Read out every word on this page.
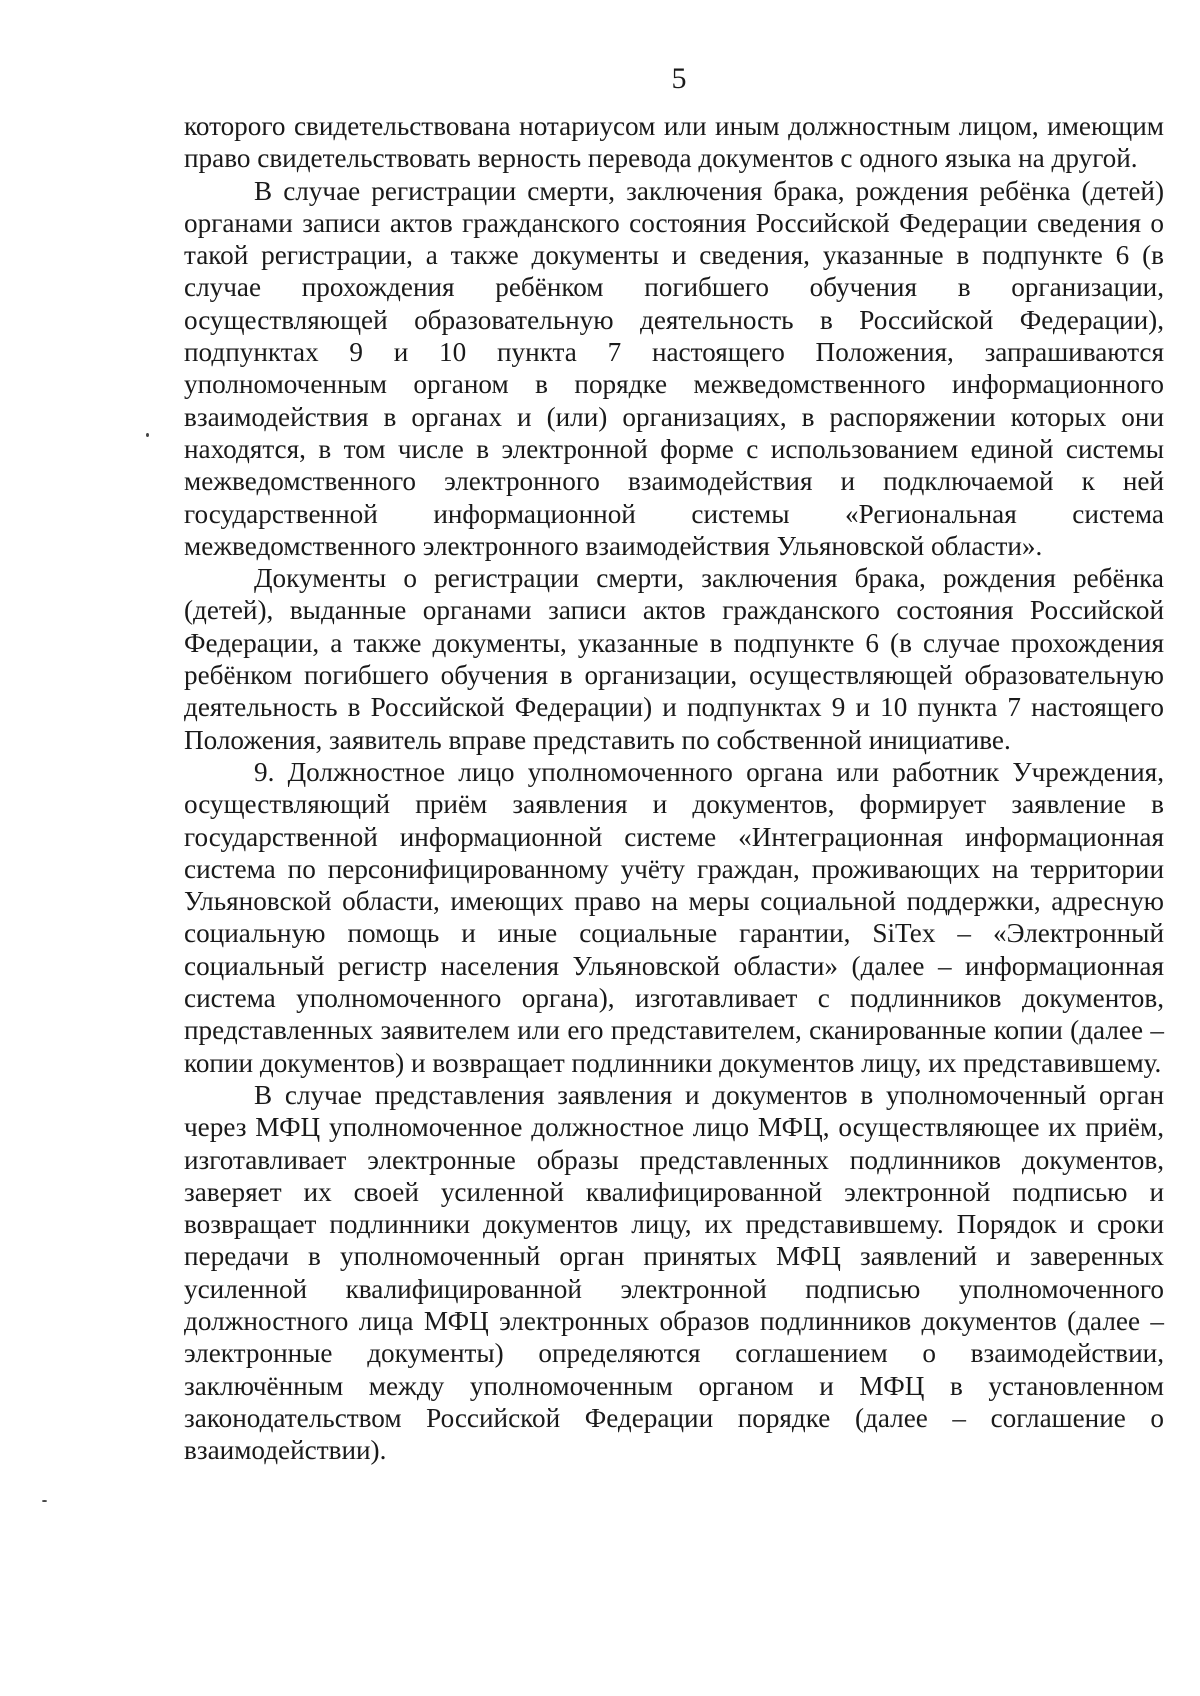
5

которого свидетельствована нотариусом или иным должностным лицом, имеющим право свидетельствовать верность перевода документов с одного языка на другой.

В случае регистрации смерти, заключения брака, рождения ребёнка (детей) органами записи актов гражданского состояния Российской Федерации сведения о такой регистрации, а также документы и сведения, указанные в подпункте 6 (в случае прохождения ребёнком погибшего обучения в организации, осуществляющей образовательную деятельность в Российской Федерации), подпунктах 9 и 10 пункта 7 настоящего Положения, запрашиваются уполномоченным органом в порядке межведомственного информационного взаимодействия в органах и (или) организациях, в распоряжении которых они находятся, в том числе в электронной форме с использованием единой системы межведомственного электронного взаимодействия и подключаемой к ней государственной информационной системы «Региональная система межведомственного электронного взаимодействия Ульяновской области».

Документы о регистрации смерти, заключения брака, рождения ребёнка (детей), выданные органами записи актов гражданского состояния Российской Федерации, а также документы, указанные в подпункте 6 (в случае прохождения ребёнком погибшего обучения в организации, осуществляющей образовательную деятельность в Российской Федерации) и подпунктах 9 и 10 пункта 7 настоящего Положения, заявитель вправе представить по собственной инициативе.

9. Должностное лицо уполномоченного органа или работник Учреждения, осуществляющий приём заявления и документов, формирует заявление в государственной информационной системе «Интеграционная информационная система по персонифицированному учёту граждан, проживающих на территории Ульяновской области, имеющих право на меры социальной поддержки, адресную социальную помощь и иные социальные гарантии, SiTex – «Электронный социальный регистр населения Ульяновской области» (далее – информационная система уполномоченного органа), изготавливает с подлинников документов, представленных заявителем или его представителем, сканированные копии (далее – копии документов) и возвращает подлинники документов лицу, их представившему.

В случае представления заявления и документов в уполномоченный орган через МФЦ уполномоченное должностное лицо МФЦ, осуществляющее их приём, изготавливает электронные образы представленных подлинников документов, заверяет их своей усиленной квалифицированной электронной подписью и возвращает подлинники документов лицу, их представившему. Порядок и сроки передачи в уполномоченный орган принятых МФЦ заявлений и заверенных усиленной квалифицированной электронной подписью уполномоченного должностного лица МФЦ электронных образов подлинников документов (далее – электронные документы) определяются соглашением о взаимодействии, заключённым между уполномоченным органом и МФЦ в установленном законодательством Российской Федерации порядке (далее – соглашение о взаимодействии).
